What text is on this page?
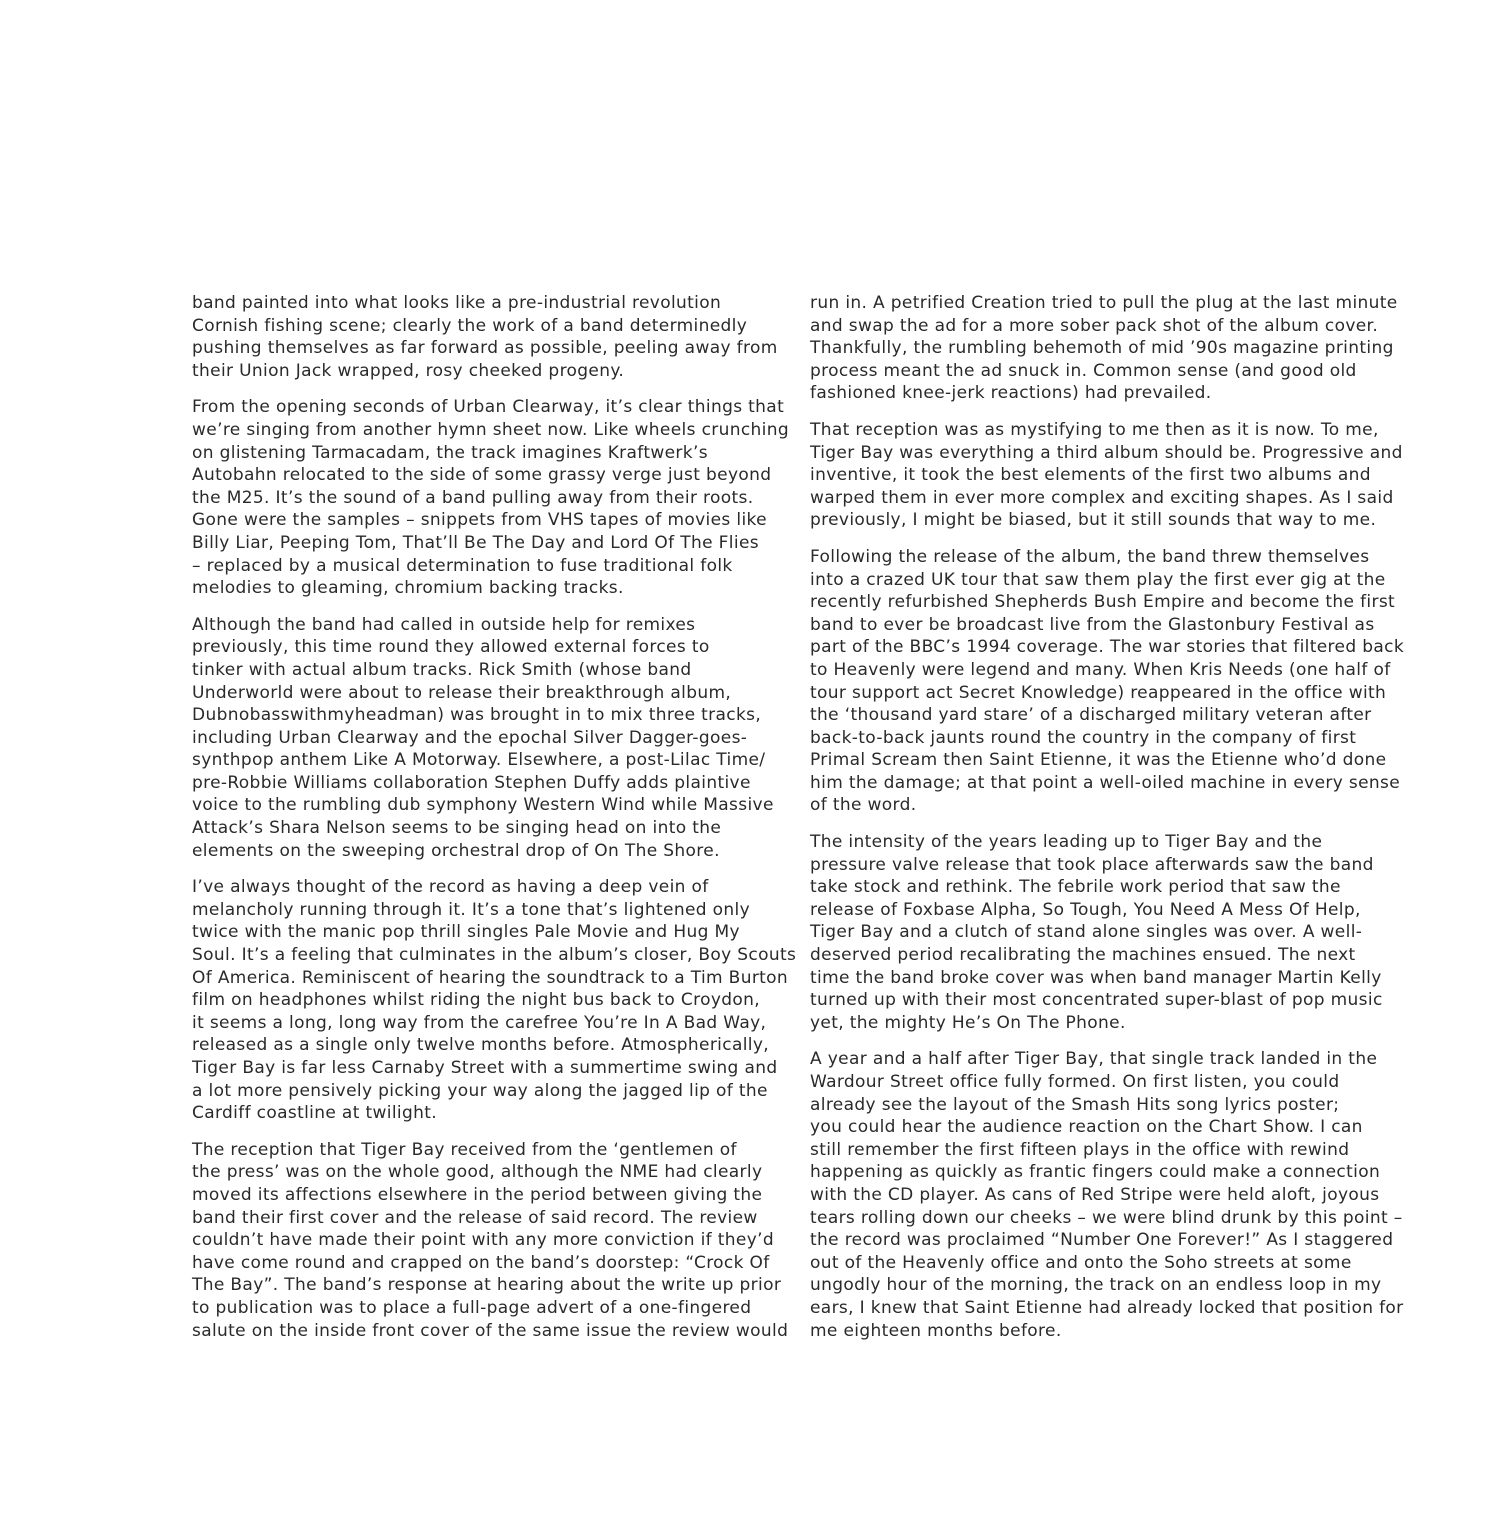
band painted into what looks like a pre-industrial revolution
Cornish fishing scene; clearly the work of a band determinedly
pushing themselves as far forward as possible, peeling away from
their Union Jack wrapped, rosy cheeked progeny.

From the opening seconds of Urban Clearway, it’s clear things that
we’re singing from another hymn sheet now. Like wheels crunching
on glistening Tarmacadam, the track imagines Kraftwerk’s
Autobahn relocated to the side of some grassy verge just beyond
the M25. It’s the sound of a band pulling away from their roots.
Gone were the samples – snippets from VHS tapes of movies like
Billy Liar, Peeping Tom, That’ll Be The Day and Lord Of The Flies
– replaced by a musical determination to fuse traditional folk
melodies to gleaming, chromium backing tracks.

Although the band had called in outside help for remixes
previously, this time round they allowed external forces to
tinker with actual album tracks. Rick Smith (whose band
Underworld were about to release their breakthrough album,
Dubnobasswithmyheadman) was brought in to mix three tracks,
including Urban Clearway and the epochal Silver Dagger-goes-
synthpop anthem Like A Motorway. Elsewhere, a post-Lilac Time/
pre-Robbie Williams collaboration Stephen Duffy adds plaintive
voice to the rumbling dub symphony Western Wind while Massive
Attack’s Shara Nelson seems to be singing head on into the
elements on the sweeping orchestral drop of On The Shore.

I’ve always thought of the record as having a deep vein of
melancholy running through it. It’s a tone that’s lightened only
twice with the manic pop thrill singles Pale Movie and Hug My
Soul. It’s a feeling that culminates in the album’s closer, Boy Scouts
Of America. Reminiscent of hearing the soundtrack to a Tim Burton
film on headphones whilst riding the night bus back to Croydon,
it seems a long, long way from the carefree You’re In A Bad Way,
released as a single only twelve months before. Atmospherically,
Tiger Bay is far less Carnaby Street with a summertime swing and
a lot more pensively picking your way along the jagged lip of the
Cardiff coastline at twilight.

The reception that Tiger Bay received from the ‘gentlemen of
the press’ was on the whole good, although the NME had clearly
moved its affections elsewhere in the period between giving the
band their first cover and the release of said record. The review
couldn’t have made their point with any more conviction if they’d
have come round and crapped on the band’s doorstep: “Crock Of
The Bay”. The band’s response at hearing about the write up prior
to publication was to place a full-page advert of a one-fingered
salute on the inside front cover of the same issue the review would

run in. A petrified Creation tried to pull the plug at the last minute
and swap the ad for a more sober pack shot of the album cover.
Thankfully, the rumbling behemoth of mid ’90s magazine printing
process meant the ad snuck in. Common sense (and good old
fashioned knee-jerk reactions) had prevailed.

That reception was as mystifying to me then as it is now. To me,
Tiger Bay was everything a third album should be. Progressive and
inventive, it took the best elements of the first two albums and
warped them in ever more complex and exciting shapes. As I said
previously, I might be biased, but it still sounds that way to me.

Following the release of the album, the band threw themselves
into a crazed UK tour that saw them play the first ever gig at the
recently refurbished Shepherds Bush Empire and become the first
band to ever be broadcast live from the Glastonbury Festival as
part of the BBC’s 1994 coverage. The war stories that filtered back
to Heavenly were legend and many. When Kris Needs (one half of
tour support act Secret Knowledge) reappeared in the office with
the ‘thousand yard stare’ of a discharged military veteran after
back-to-back jaunts round the country in the company of first
Primal Scream then Saint Etienne, it was the Etienne who’d done
him the damage; at that point a well-oiled machine in every sense
of the word.

The intensity of the years leading up to Tiger Bay and the
pressure valve release that took place afterwards saw the band
take stock and rethink. The febrile work period that saw the
release of Foxbase Alpha, So Tough, You Need A Mess Of Help,
Tiger Bay and a clutch of stand alone singles was over. A well-
deserved period recalibrating the machines ensued. The next
time the band broke cover was when band manager Martin Kelly
turned up with their most concentrated super-blast of pop music
yet, the mighty He’s On The Phone.

A year and a half after Tiger Bay, that single track landed in the
Wardour Street office fully formed. On first listen, you could
already see the layout of the Smash Hits song lyrics poster;
you could hear the audience reaction on the Chart Show. I can
still remember the first fifteen plays in the office with rewind
happening as quickly as frantic fingers could make a connection
with the CD player. As cans of Red Stripe were held aloft, joyous
tears rolling down our cheeks – we were blind drunk by this point –
the record was proclaimed “Number One Forever!” As I staggered
out of the Heavenly office and onto the Soho streets at some
ungodly hour of the morning, the track on an endless loop in my
ears, I knew that Saint Etienne had already locked that position for
me eighteen months before.
